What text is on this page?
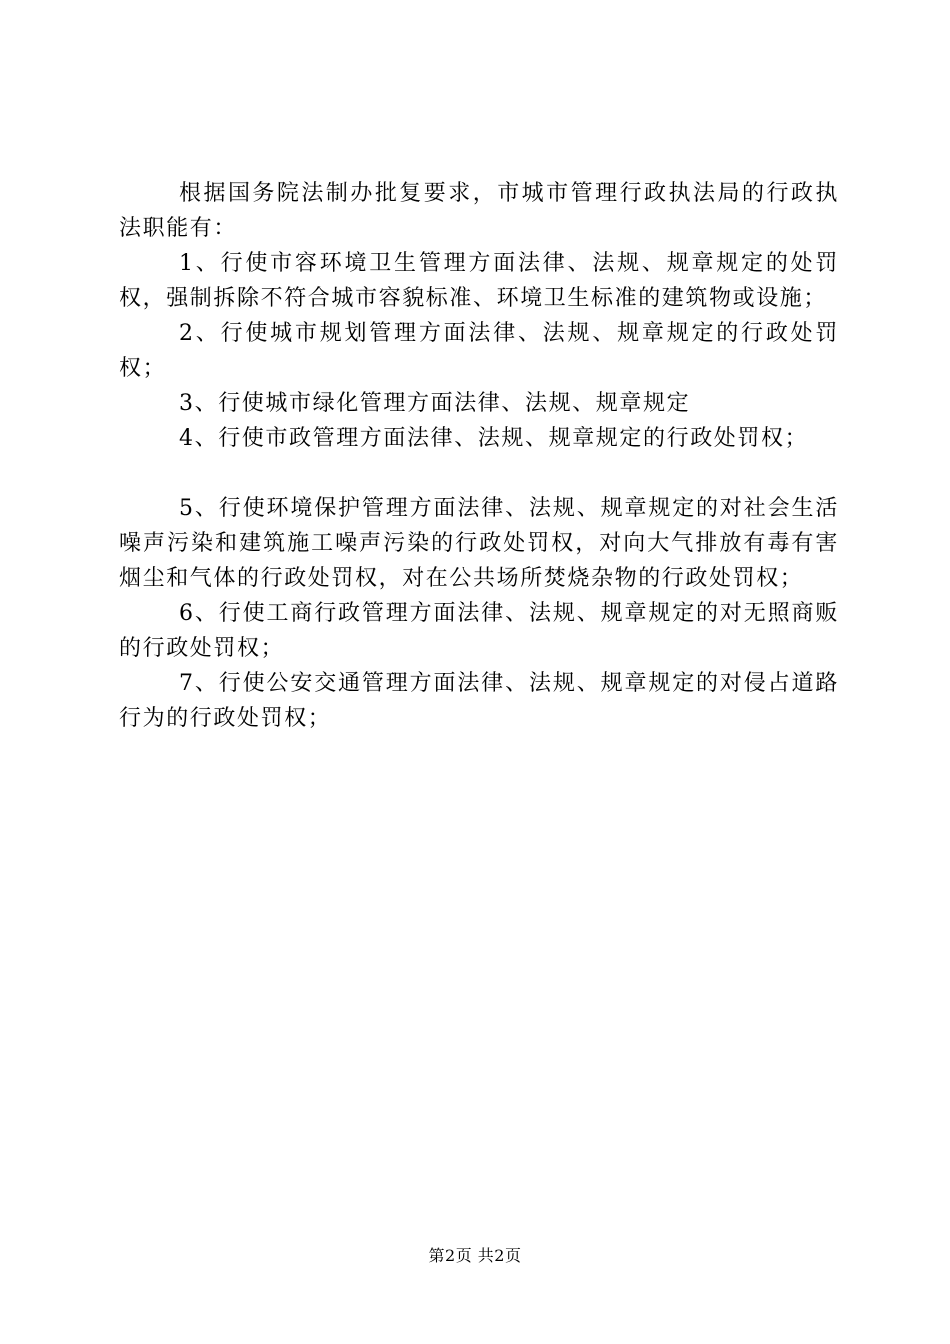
根据国务院法制办批复要求，市城市管理行政执法局的行政执法职能有：

1、行使市容环境卫生管理方面法律、法规、规章规定的处罚权，强制拆除不符合城市容貌标准、环境卫生标准的建筑物或设施；

2、行使城市规划管理方面法律、法规、规章规定的行政处罚权；

3、行使城市绿化管理方面法律、法规、规章规定

4、行使市政管理方面法律、法规、规章规定的行政处罚权；

5、行使环境保护管理方面法律、法规、规章规定的对社会生活噪声污染和建筑施工噪声污染的行政处罚权，对向大气排放有毒有害烟尘和气体的行政处罚权，对在公共场所焚烧杂物的行政处罚权；

6、行使工商行政管理方面法律、法规、规章规定的对无照商贩的行政处罚权；

7、行使公安交通管理方面法律、法规、规章规定的对侵占道路行为的行政处罚权；

第2页 共2页
